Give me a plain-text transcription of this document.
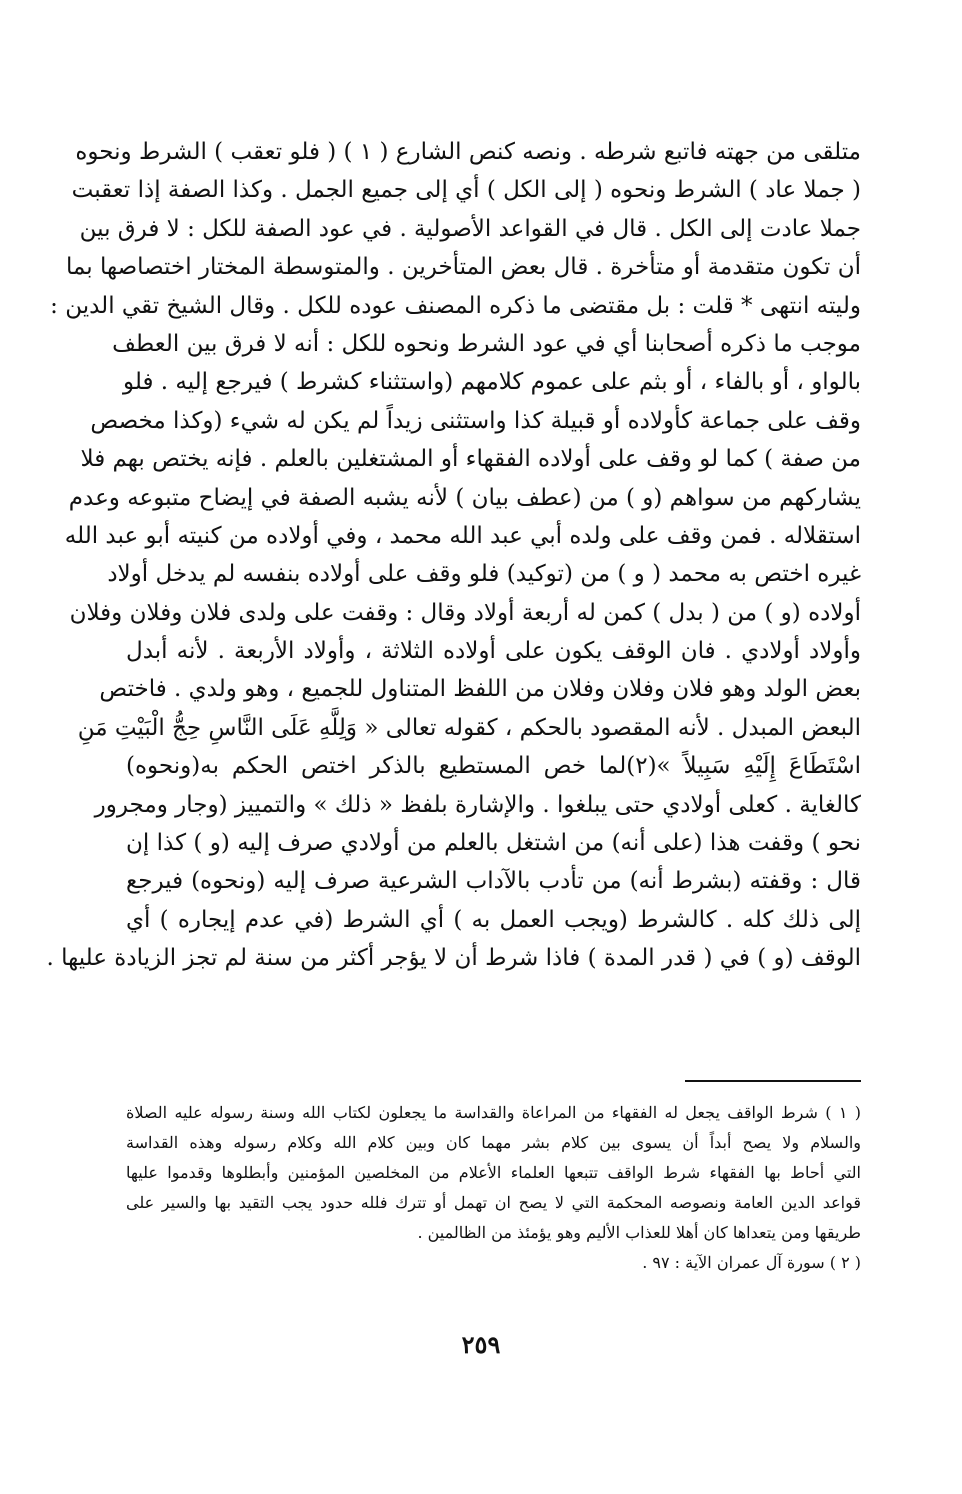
متلقى من جهته فاتبع شرطه . ونصه كنص الشارع ( ١ ) ( فلو تعقب ) الشرط ونحوه
( جملا عاد ) الشرط ونحوه ( إلى الكل ) أي إلى جميع الجمل . وكذا الصفة إذا تعقبت
جملا عادت إلى الكل . قال في القواعد الأصولية . في عود الصفة للكل : لا فرق بين
أن تكون متقدمة أو متأخرة . قال بعض المتأخرين . والمتوسطة المختار اختصاصها بما
وليته انتهى * قلت : بل مقتضى ما ذكره المصنف عوده للكل . وقال الشيخ تقي الدين :
موجب ما ذكره أصحابنا أي في عود الشرط ونحوه للكل : أنه لا فرق بين العطف
بالواو ، أو بالفاء ، أو بثم على عموم كلامهم (واستثناء كشرط ) فيرجع إليه . فلو
وقف على جماعة كأولاده أو قبيلة كذا واستثنى زيداً لم يكن له شيء (وكذا مخصص
من صفة ) كما لو وقف على أولاده الفقهاء أو المشتغلين بالعلم . فإنه يختص بهم فلا
يشاركهم من سواهم (و ) من (عطف بيان ) لأنه يشبه الصفة في إيضاح متبوعه وعدم
استقلاله . فمن وقف على ولده أبي عبد الله محمد ، وفي أولاده من كنيته أبو عبد الله
غيره اختص به محمد ( و ) من (توكيد) فلو وقف على أولاده بنفسه لم يدخل أولاد
أولاده (و ) من ( بدل ) كمن له أربعة أولاد وقال : وقفت على ولدى فلان وفلان وفلان
وأولاد أولادي . فان الوقف يكون على أولاده الثلاثة ، وأولاد الأربعة . لأنه أبدل
بعض الولد وهو فلان وفلان وفلان من اللفظ المتناول للجميع ، وهو ولدي . فاختص
البعض المبدل . لأنه المقصود بالحكم ، كقوله تعالى « وَلِلَّهِ عَلَى النَّاسِ حِجُّ الْبَيْتِ مَنِ
اسْتَطَاعَ إِلَيْهِ سَبِيلاً »(٢)لما خص المستطيع بالذكر اختص الحكم به(ونحوه)
كالغاية . كعلى أولادي حتى يبلغوا . والإشارة بلفظ « ذلك » والتمييز (وجار ومجرور
نحو ) وقفت هذا (على أنه) من اشتغل بالعلم من أولادي صرف إليه (و ) كذا إن
قال : وقفته (بشرط أنه) من تأدب بالآداب الشرعية صرف إليه (ونحوه) فيرجع
إلى ذلك كله . كالشرط (ويجب العمل به ) أي الشرط (في عدم إيجاره ) أي
الوقف (و ) في ( قدر المدة ) فاذا شرط أن لا يؤجر أكثر من سنة لم تجز الزيادة عليها .
( ١ ) شرط الواقف يجعل له الفقهاء من المراعاة والقداسة ما يجعلون لكتاب الله وسنة رسوله عليه الصلاة
والسلام ولا يصح أبداً أن يسوى بين كلام بشر مهما كان وبين كلام الله وكلام رسوله وهذه القداسة
التي أحاط بها الفقهاء شرط الواقف تتبعها العلماء الأعلام من المخلصين المؤمنين وأبطلوها وقدموا عليها
قواعد الدين العامة ونصوصه المحكمة التي لا يصح ان تهمل أو تترك فلله حدود يجب التقيد بها والسير على
طريقها ومن يتعداها كان أهلا للعذاب الأليم وهو يؤمئذ من الظالمين .
( ٢ ) سورة آل عمران الآية : ٩٧ .
٢٥٩
